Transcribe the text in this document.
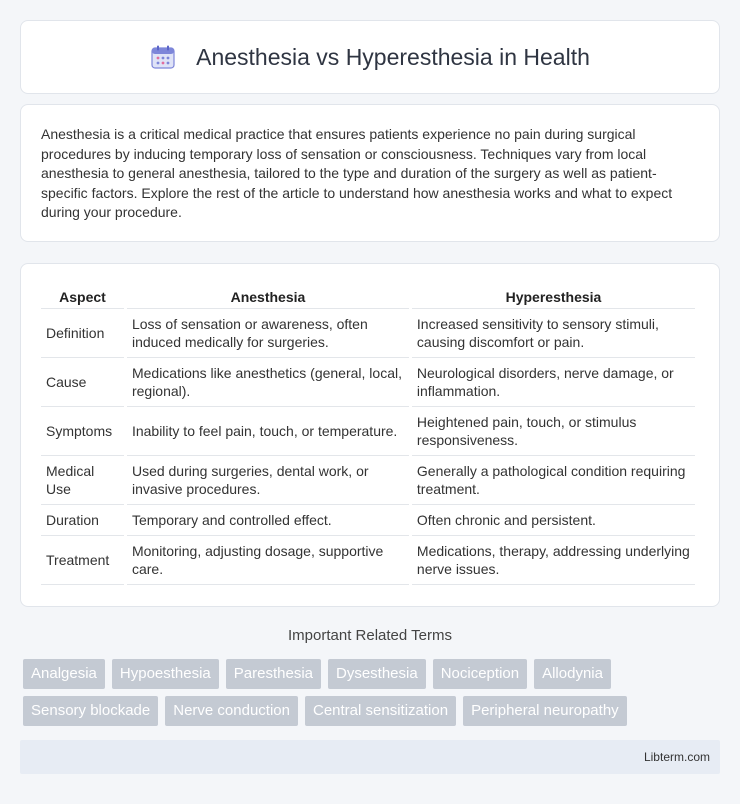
Anesthesia vs Hyperesthesia in Health

Anesthesia is a critical medical practice that ensures patients experience no pain during surgical procedures by inducing temporary loss of sensation or consciousness. Techniques vary from local anesthesia to general anesthesia, tailored to the type and duration of the surgery as well as patient-specific factors. Explore the rest of the article to understand how anesthesia works and what to expect during your procedure.

Aspect	Anesthesia	Hyperesthesia
Definition	Loss of sensation or awareness, often induced medically for surgeries.	Increased sensitivity to sensory stimuli, causing discomfort or pain.
Cause	Medications like anesthetics (general, local, regional).	Neurological disorders, nerve damage, or inflammation.
Symptoms	Inability to feel pain, touch, or temperature.	Heightened pain, touch, or stimulus responsiveness.
Medical Use	Used during surgeries, dental work, or invasive procedures.	Generally a pathological condition requiring treatment.
Duration	Temporary and controlled effect.	Often chronic and persistent.
Treatment	Monitoring, adjusting dosage, supportive care.	Medications, therapy, addressing underlying nerve issues.
Important Related Terms
Analgesia	Hypoesthesia	Paresthesia	Dysesthesia	Nociception	Allodynia
Sensory blockade	Nerve conduction	Central sensitization	Peripheral neuropathy
Libterm.com
